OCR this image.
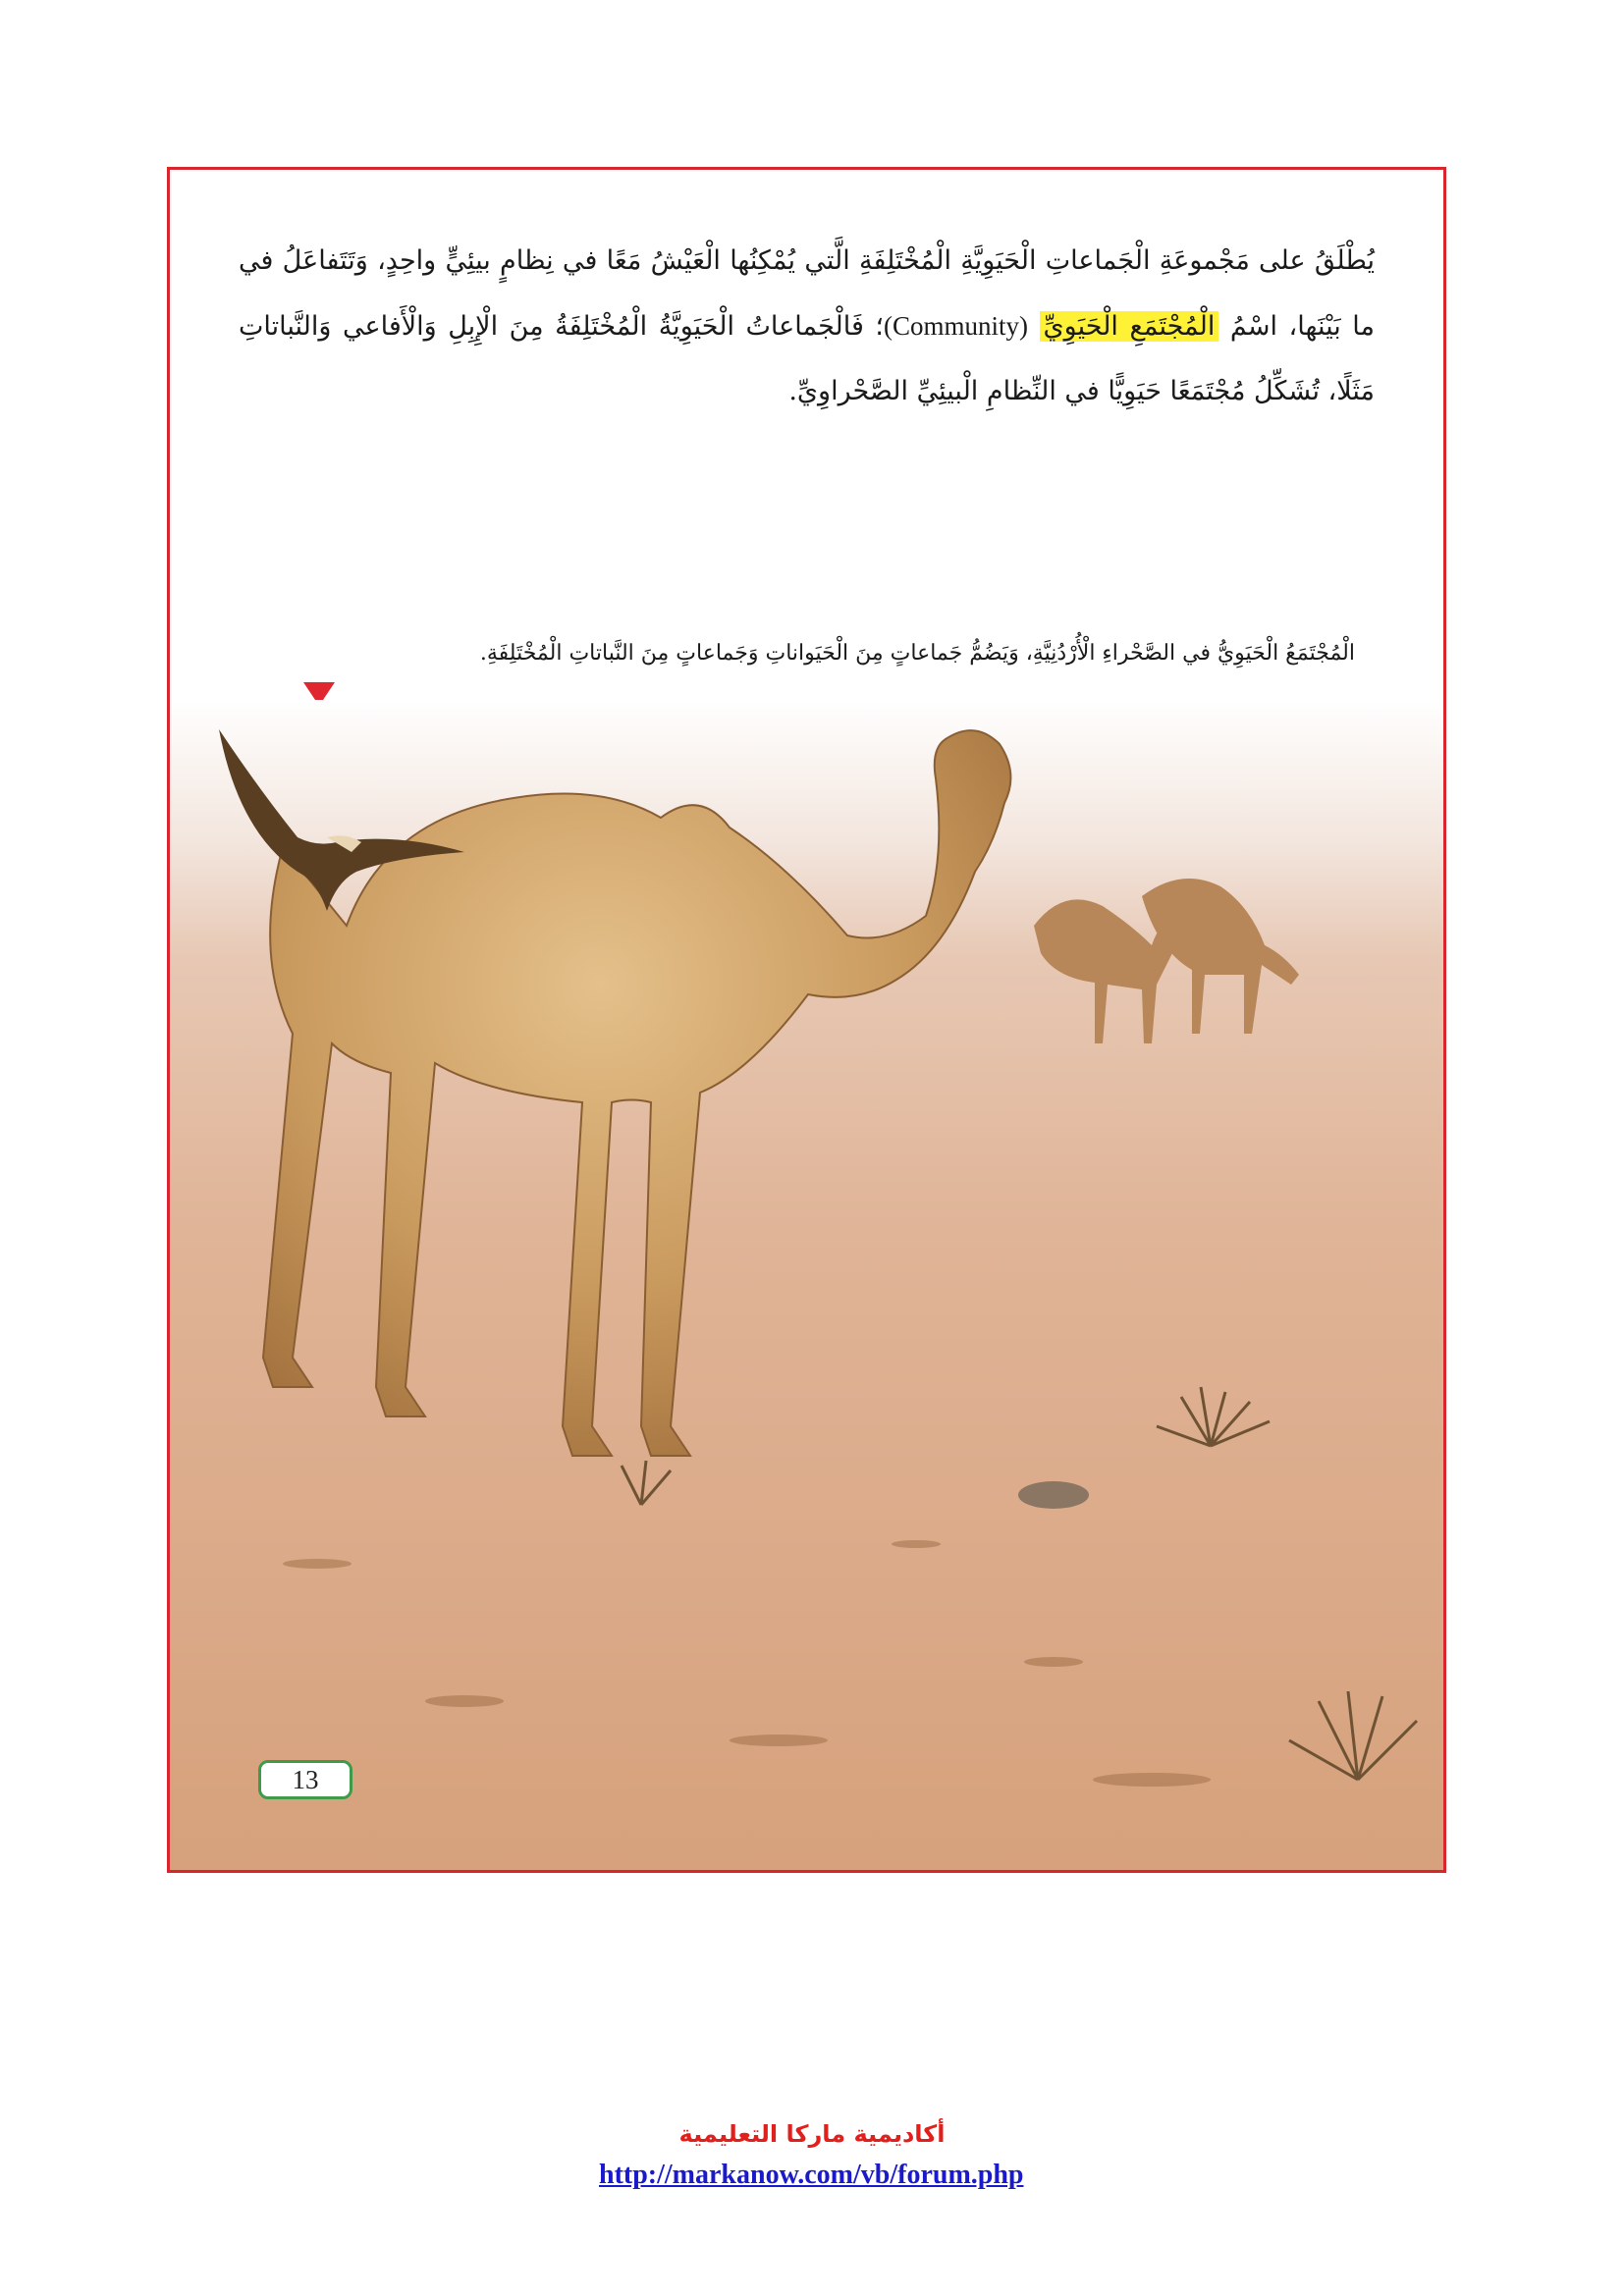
يُطْلَقُ على مَجْموعَةِ الْجَماعاتِ الْحَيَوِيَّةِ الْمُخْتَلِفَةِ الَّتي يُمْكِنُها الْعَيْشُ مَعًا في نِظامٍ بيئِيٍّ واحِدٍ، وَتَتَفاعَلُ في ما بَيْنَها، اسْمُ الْمُجْتَمَعِ الْحَيَوِيِّ (Community)؛ فَالْجَماعاتُ الْحَيَوِيَّةُ الْمُخْتَلِفَةُ مِنَ الْإِبِلِ وَالْأَفاعي وَالنَّباتاتِ مَثَلًا، تُشَكِّلُ مُجْتَمَعًا حَيَوِيًّا في النِّظامِ الْبيئِيِّ الصَّحْراوِيِّ.
الْمُجْتَمَعُ الْحَيَوِيُّ في الصَّحْراءِ الْأُرْدُنِيَّةِ، وَيَضُمُّ جَماعاتٍ مِنَ الْحَيَواناتِ وَجَماعاتٍ مِنَ النَّباتاتِ الْمُخْتَلِفَةِ.
13
أكاديمية ماركا التعليمية
http://markanow.com/vb/forum.php
